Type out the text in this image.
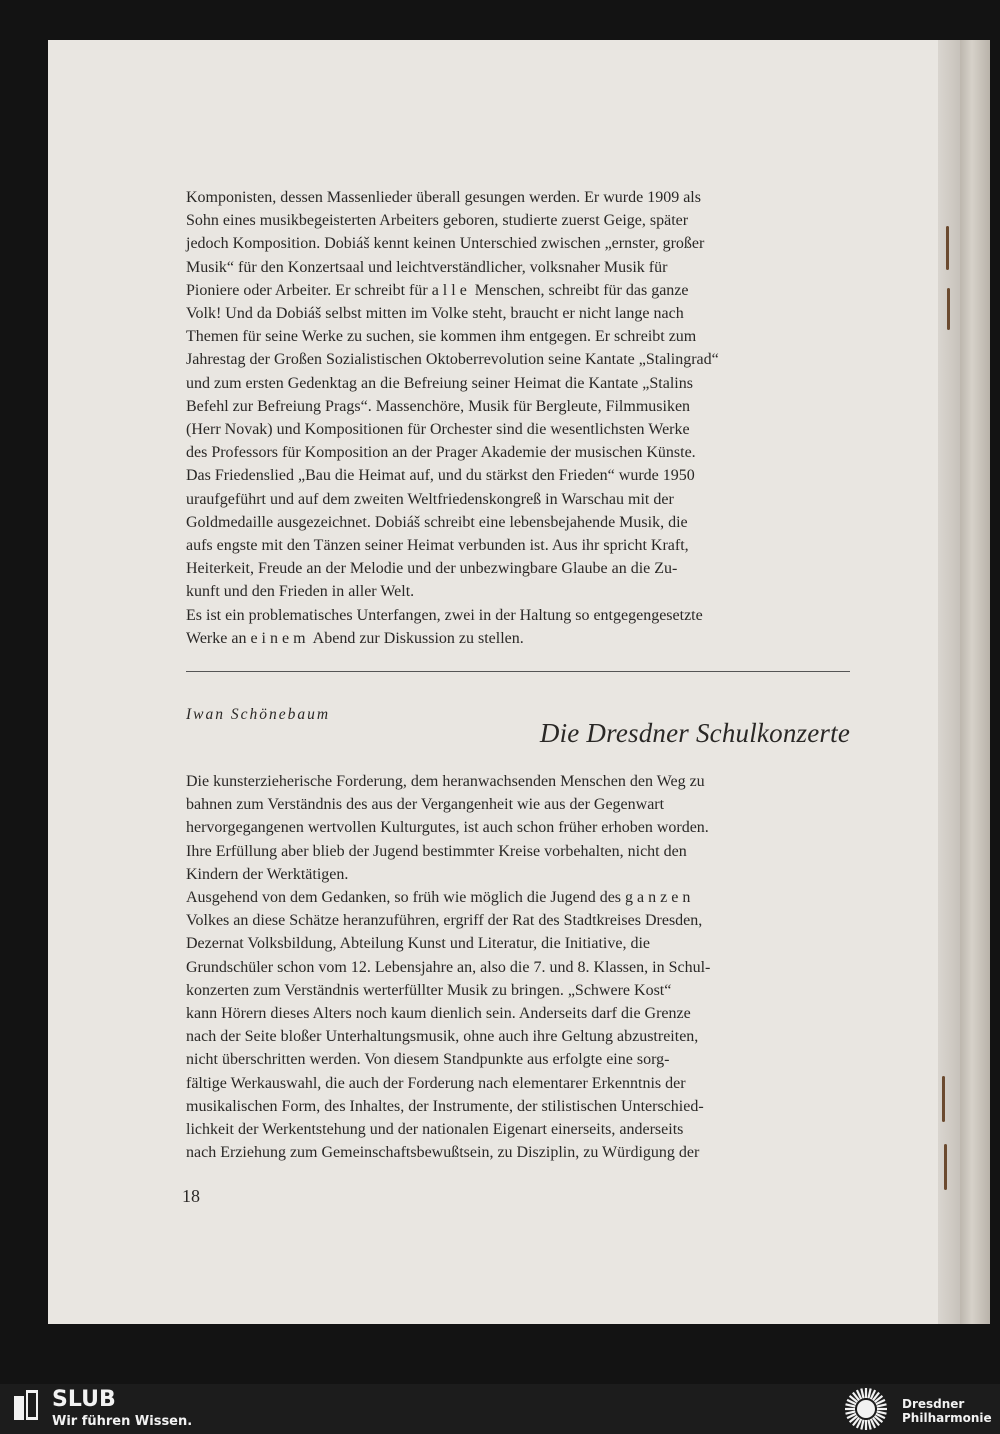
Komponisten, dessen Massenlieder überall gesungen werden. Er wurde 1909 als

Sohn eines musikbegeisterten Arbeiters geboren, studierte zuerst Geige, später

jedoch Komposition. Dobiáš kennt keinen Unterschied zwischen „ernster, großer

Musik“ für den Konzertsaal und leichtverständlicher, volksnaher Musik für

Pioniere oder Arbeiter. Er schreibt für alle Menschen, schreibt für das ganze

Volk! Und da Dobiáš selbst mitten im Volke steht, braucht er nicht lange nach

Themen für seine Werke zu suchen, sie kommen ihm entgegen. Er schreibt zum

Jahrestag der Großen Sozialistischen Oktoberrevolution seine Kantate „Stalingrad“

und zum ersten Gedenktag an die Befreiung seiner Heimat die Kantate „Stalins

Befehl zur Befreiung Prags“. Massenchöre, Musik für Bergleute, Filmmusiken

(Herr Novak) und Kompositionen für Orchester sind die wesentlichsten Werke

des Professors für Komposition an der Prager Akademie der musischen Künste.

Das Friedenslied „Bau die Heimat auf, und du stärkst den Frieden“ wurde 1950

uraufgeführt und auf dem zweiten Weltfriedenskongreß in Warschau mit der

Goldmedaille ausgezeichnet. Dobiáš schreibt eine lebensbejahende Musik, die

aufs engste mit den Tänzen seiner Heimat verbunden ist. Aus ihr spricht Kraft,

Heiterkeit, Freude an der Melodie und der unbezwingbare Glaube an die Zu-

kunft und den Frieden in aller Welt.

Es ist ein problematisches Unterfangen, zwei in der Haltung so entgegengesetzte

Werke an einem Abend zur Diskussion zu stellen.

Iwan Schönebaum
Die Dresdner Schulkonzerte

Die kunsterzieherische Forderung, dem heranwachsenden Menschen den Weg zu

bahnen zum Verständnis des aus der Vergangenheit wie aus der Gegenwart

hervorgegangenen wertvollen Kulturgutes, ist auch schon früher erhoben worden.

Ihre Erfüllung aber blieb der Jugend bestimmter Kreise vorbehalten, nicht den

Kindern der Werktätigen.

Ausgehend von dem Gedanken, so früh wie möglich die Jugend des ganzen

Volkes an diese Schätze heranzuführen, ergriff der Rat des Stadtkreises Dresden,

Dezernat Volksbildung, Abteilung Kunst und Literatur, die Initiative, die

Grundschüler schon vom 12. Lebensjahre an, also die 7. und 8. Klassen, in Schul-

konzerten zum Verständnis werterfüllter Musik zu bringen. „Schwere Kost“

kann Hörern dieses Alters noch kaum dienlich sein. Anderseits darf die Grenze

nach der Seite bloßer Unterhaltungsmusik, ohne auch ihre Geltung abzustreiten,

nicht überschritten werden. Von diesem Standpunkte aus erfolgte eine sorg-

fältige Werkauswahl, die auch der Forderung nach elementarer Erkenntnis der

musikalischen Form, des Inhaltes, der Instrumente, der stilistischen Unterschied-

lichkeit der Werkentstehung und der nationalen Eigenart einerseits, anderseits

nach Erziehung zum Gemeinschaftsbewußtsein, zu Disziplin, zu Würdigung der

18
SLUB
Wir führen Wissen.
Dresdner
Philharmonie
